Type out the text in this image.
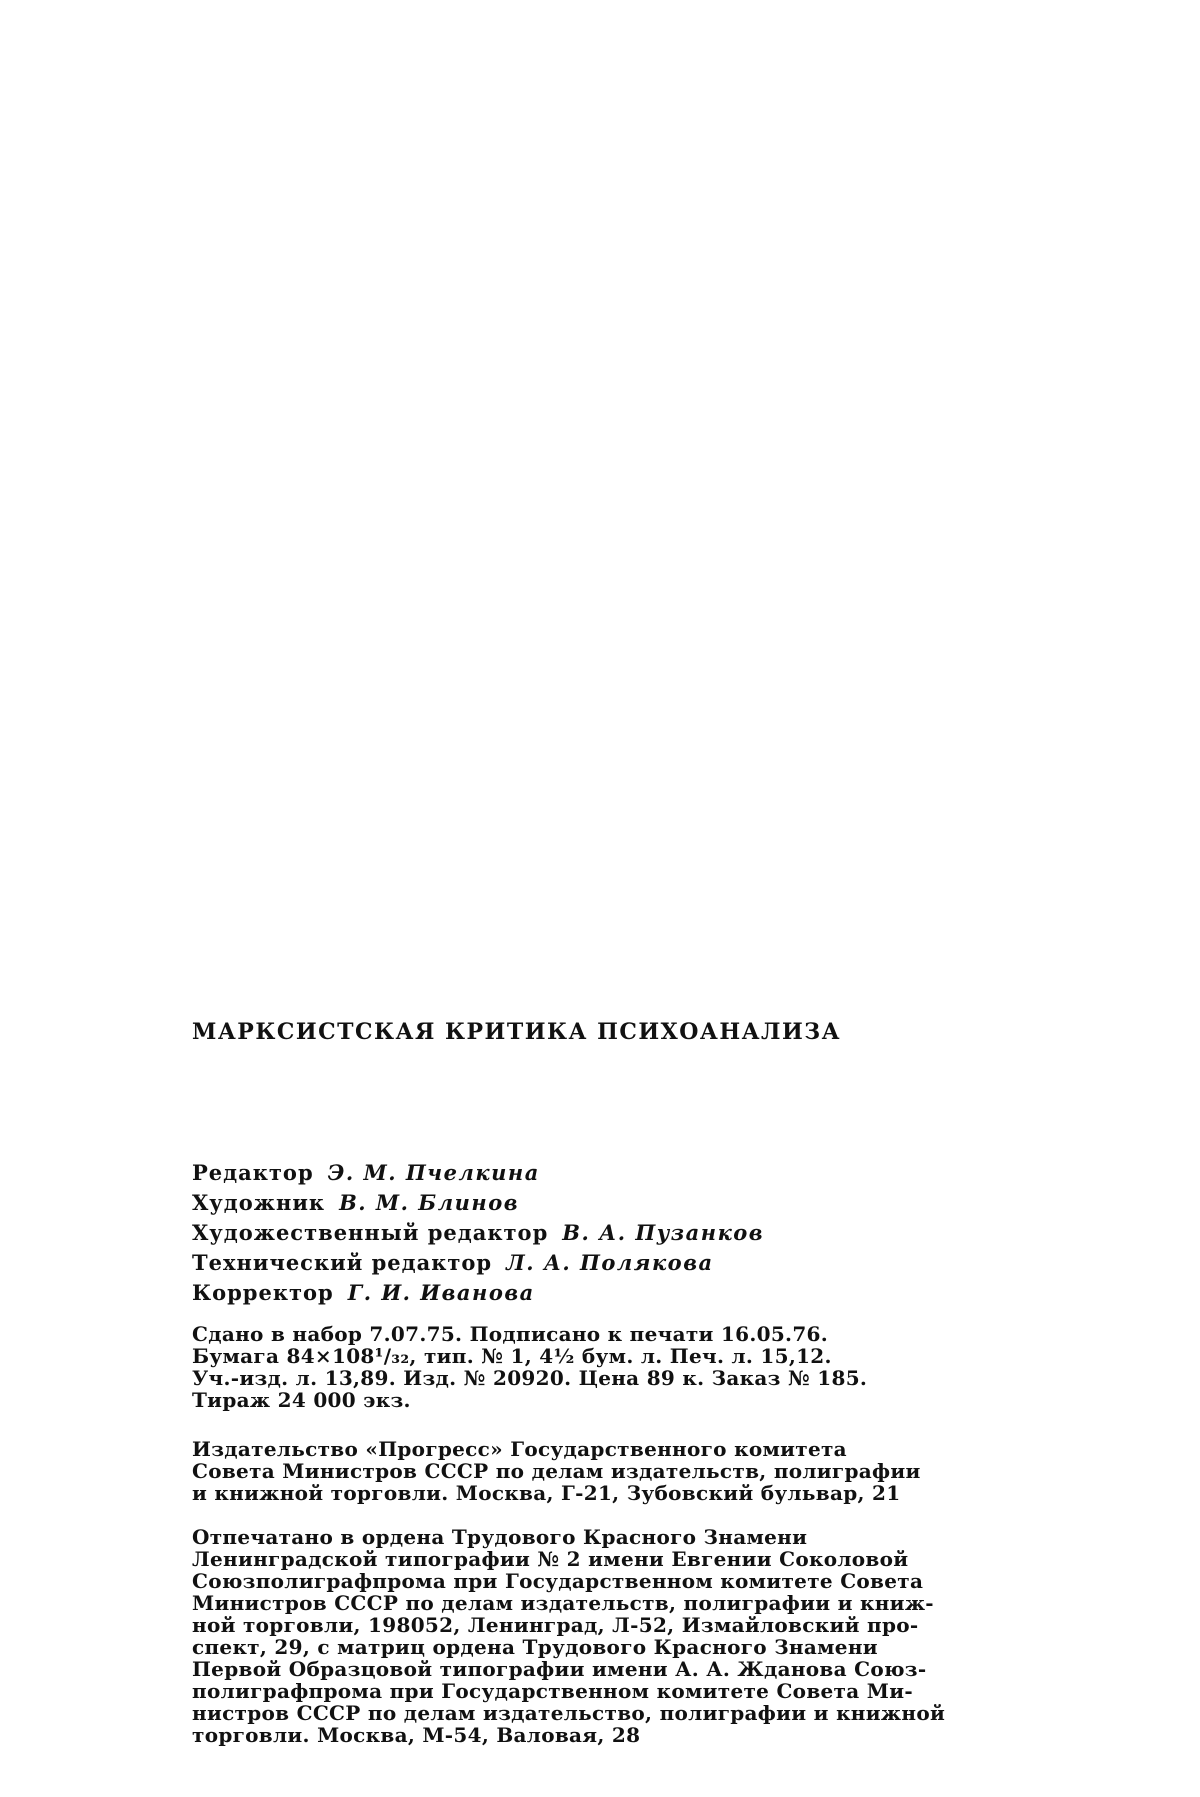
МАРКСИСТСКАЯ КРИТИКА ПСИХОАНАЛИЗА
Редактор Э. М. Пчелкина
Художник В. М. Блинов
Художественный редактор В. А. Пузанков
Технический редактор Л. А. Полякова
Корректор Г. И. Иванова
Сдано в набор 7.07.75. Подписано к печати 16.05.76.
Бумага 84×108¹/₃₂, тип. № 1, 4½ бум. л. Печ. л. 15,12.
Уч.-изд. л. 13,89. Изд. № 20920. Цена 89 к. Заказ № 185.
Тираж 24 000 экз.
Издательство «Прогресс» Государственного комитета
Совета Министров СССР по делам издательств, полиграфии
и книжной торговли. Москва, Г-21, Зубовский бульвар, 21
Отпечатано в ордена Трудового Красного Знамени
Ленинградской типографии № 2 имени Евгении Соколовой
Союзполиграфпрома при Государственном комитете Совета
Министров СССР по делам издательств, полиграфии и книж-
ной торговли, 198052, Ленинград, Л-52, Измайловский про-
спект, 29, с матриц ордена Трудового Красного Знамени
Первой Образцовой типографии имени А. А. Жданова Союз-
полиграфпрома при Государственном комитете Совета Ми-
нистров СССР по делам издательство, полиграфии и книжной
торговли. Москва, М-54, Валовая, 28
